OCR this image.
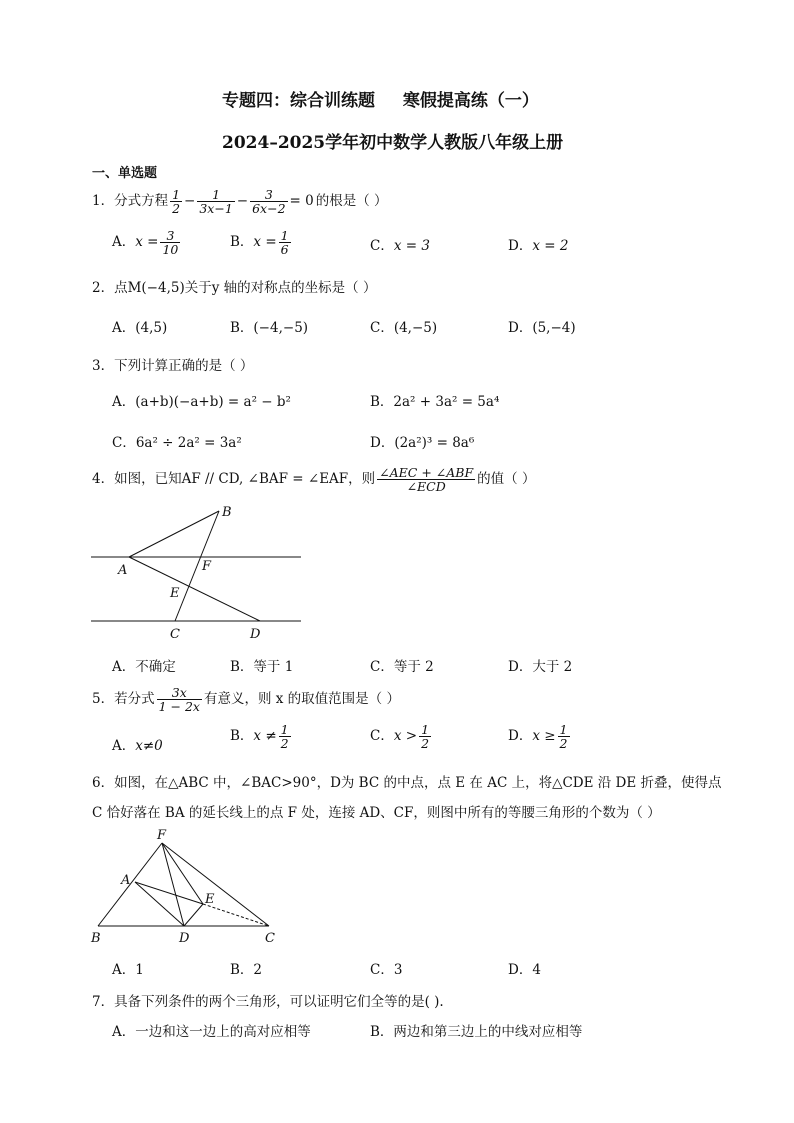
专题四：综合训练题 寒假提高练（一）
2024–2025学年初中数学人教版八年级上册
一、单选题
1．分式方程 $\frac{1}{2} - \frac{1}{3x-1} - \frac{3}{6x-2} = 0$ 的根是（ ）
A．$x = \frac{3}{10}$	B．$x = \frac{1}{6}$	C．x = 3	D．x = 2
2．点M(−4,5)关于y 轴的对称点的坐标是（ ）
A．(4,5)	B．(−4,−5)	C．(4,−5)	D．(5,−4)
3．下列计算正确的是（ ）
A．(a+b)(−a+b) = a² − b²	B．2a² + 3a² = 5a⁴
C．6a² ÷ 2a² = 3a²	D．(2a²)³ = 8a⁶
4．如图，已知AF // CD, ∠BAF = ∠EAF，则 $\frac{\text{∠AEC + ∠ABF}}{\text{∠ECD}}$ 的值（ ）
B
A	F
E
C	D
A．不确定	B．等于 1	C．等于 2	D．大于 2
5．若分式 $\frac{3x}{1 - 2x}$ 有意义，则 x 的取值范围是（ ）
A．x≠0
B．$x \ne \frac{1}{2}$	C．$x > \frac{1}{2}$	D．$x \ge \frac{1}{2}$
6．如图，在△ABC 中，∠BAC>90°，D为 BC 的中点，点 E 在 AC 上，将△CDE 沿 DE 折叠，使得点
C 恰好落在 BA 的延长线上的点 F 处，连接 AD、CF，则图中所有的等腰三角形的个数为（ ）
F
A
E
B	D	C
A．1	B．2	C．3	D．4
7．具备下列条件的两个三角形，可以证明它们全等的是( ).
A．一边和这一边上的高对应相等	B．两边和第三边上的中线对应相等
